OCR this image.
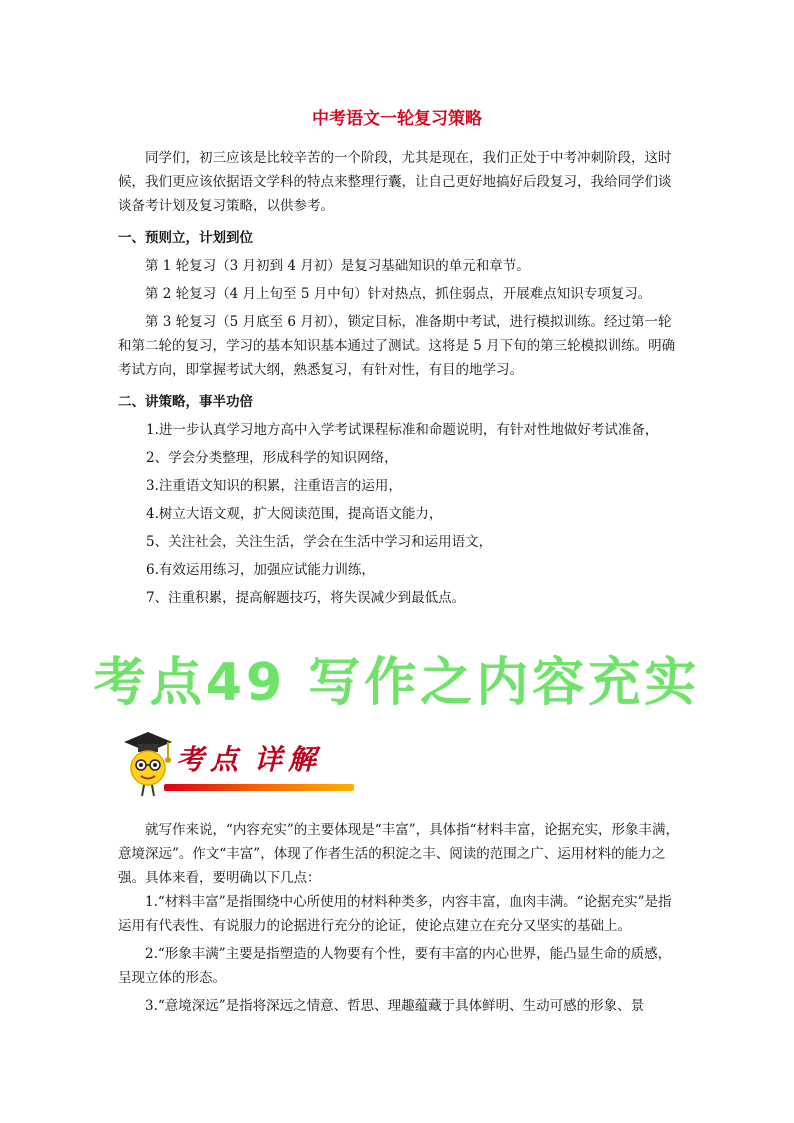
中考语文一轮复习策略

同学们，初三应该是比较辛苦的一个阶段，尤其是现在，我们正处于中考冲刺阶段，这时候，我们更应该依据语文学科的特点来整理行囊，让自己更好地搞好后段复习，我给同学们谈谈备考计划及复习策略，以供参考。

一、预则立，计划到位

第 1 轮复习（3 月初到 4 月初）是复习基础知识的单元和章节。

第 2 轮复习（4 月上旬至 5 月中旬）针对热点，抓住弱点，开展难点知识专项复习。

第 3 轮复习（5 月底至 6 月初），锁定目标，准备期中考试，进行模拟训练。经过第一轮和第二轮的复习，学习的基本知识基本通过了测试。这将是 5 月下旬的第三轮模拟训练。明确考试方向，即掌握考试大纲，熟悉复习，有针对性，有目的地学习。

二、讲策略，事半功倍
1.进一步认真学习地方高中入学考试课程标准和命题说明，有针对性地做好考试准备，
2、学会分类整理，形成科学的知识网络，
3.注重语文知识的积累，注重语言的运用，
4.树立大语文观，扩大阅读范围，提高语文能力，
5、关注社会，关注生活，学会在生活中学习和运用语文，
6.有效运用练习，加强应试能力训练，
7、注重积累，提高解题技巧，将失误减少到最低点。
考点49 写作之内容充实
考点 详解

就写作来说，“内容充实”的主要体现是“丰富”，具体指“材料丰富，论据充实，形象丰满，意境深远”。作文“丰富”，体现了作者生活的积淀之丰、阅读的范围之广、运用材料的能力之强。具体来看，要明确以下几点：

1.“材料丰富”是指围绕中心所使用的材料种类多，内容丰富，血肉丰满。“论据充实”是指运用有代表性、有说服力的论据进行充分的论证，使论点建立在充分又坚实的基础上。

2.“形象丰满”主要是指塑造的人物要有个性，要有丰富的内心世界，能凸显生命的质感，呈现立体的形态。

3.“意境深远”是指将深远之情意、哲思、理趣蕴藏于具体鲜明、生动可感的形象、景
